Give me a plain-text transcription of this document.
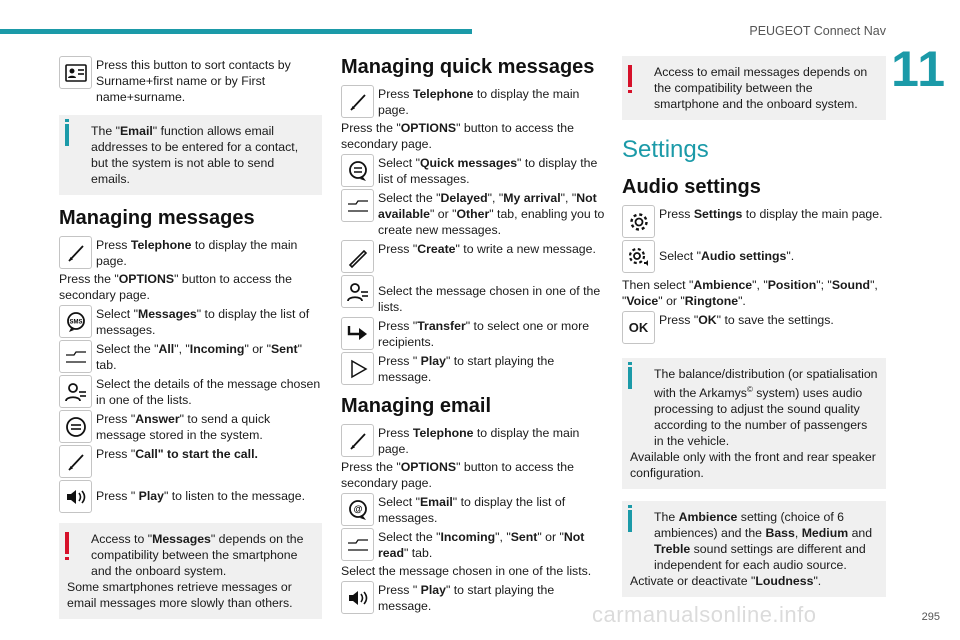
PEUGEOT Connect Nav
11
295
carmanualsonline.info
Press this button to sort contacts by Surname+first name or by First name+surname.
The "Email" function allows email addresses to be entered for a contact, but the system is not able to send emails.
Managing messages
Press Telephone to display the main page.
Press the "OPTIONS" button to access the secondary page.
SMS
Select "Messages" to display the list of messages.
Select the "All", "Incoming" or "Sent" tab.
Select the details of the message chosen in one of the lists.
Press "Answer" to send a quick message stored in the system.
Press "Call" to start the call.
Press " Play" to listen to the message.
Access to "Messages" depends on the compatibility between the smartphone and the onboard system.
Some smartphones retrieve messages or email messages more slowly than others.
Managing quick messages
Press Telephone to display the main page.
Press the "OPTIONS" button to access the secondary page.
Select "Quick messages" to display the list of messages.
Select the "Delayed", "My arrival", "Not available" or "Other" tab, enabling you to create new messages.
Press "Create" to write a new message.
Select the message chosen in one of the lists.
Press "Transfer" to select one or more recipients.
Press " Play" to start playing the message.
Managing email
Press Telephone to display the main page.
Press the "OPTIONS" button to access the secondary page.
@ Select "Email" to display the list of messages.
Select the "Incoming", "Sent" or "Not read" tab.
Select the message chosen in one of the lists.
Press " Play" to start playing the message.
Access to email messages depends on the compatibility between the smartphone and the onboard system.
Settings
Audio settings
Press Settings to display the main page.
Select "Audio settings".
Then select "Ambience", "Position"; "Sound", "Voice" or "Ringtone".
OK Press "OK" to save the settings.
The balance/distribution (or spatialisation with the Arkamys© system) uses audio processing to adjust the sound quality according to the number of passengers in the vehicle.
Available only with the front and rear speaker configuration.
The Ambience setting (choice of 6 ambiences) and the Bass, Medium and Treble sound settings are different and independent for each audio source.
Activate or deactivate "Loudness".
